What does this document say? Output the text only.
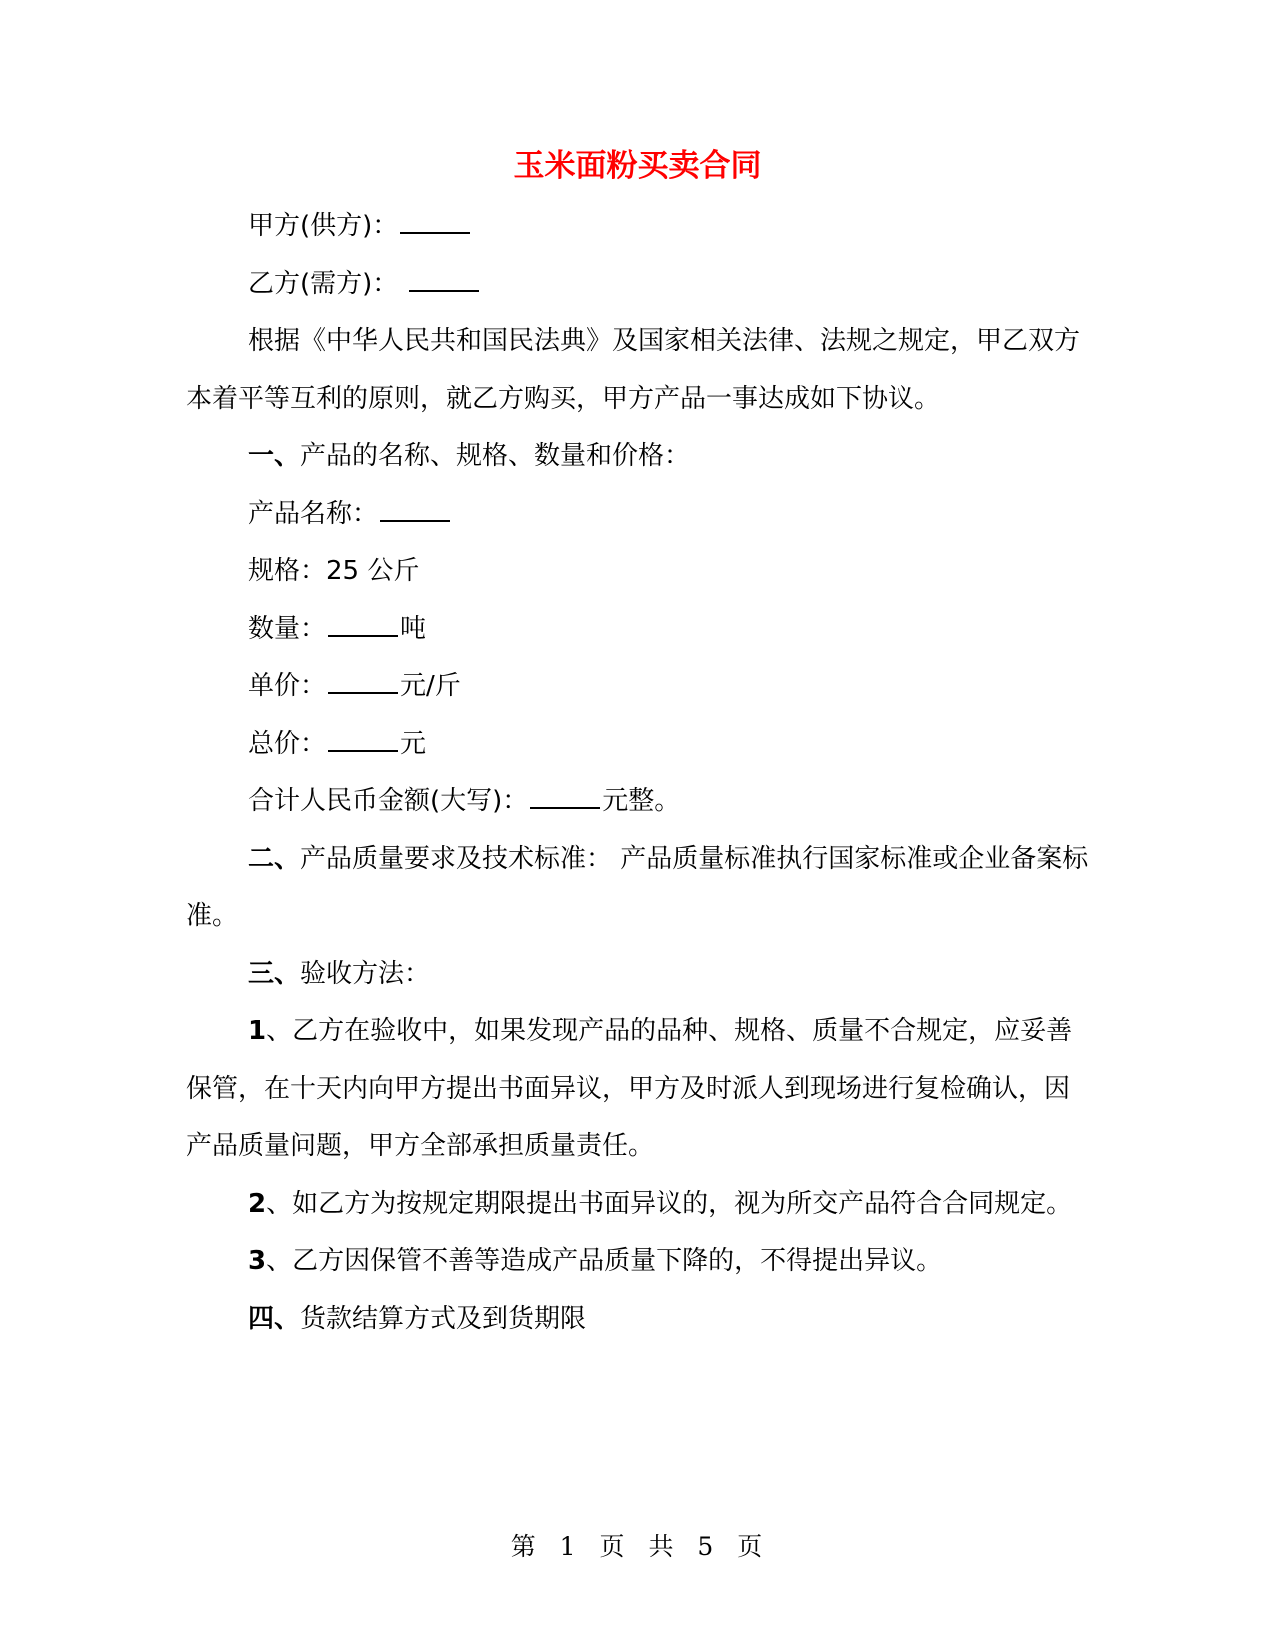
玉米面粉买卖合同

甲方(供方)：

乙方(需方)：

根据《中华人民共和国民法典》及国家相关法律、法规之规定，甲乙双方本着平等互利的原则，就乙方购买，甲方产品一事达成如下协议。

一、产品的名称、规格、数量和价格：

产品名称：

规格：25 公斤

数量：	吨

单价：	元/斤

总价：	元

合计人民币金额(大写)：	元整。

二、产品质量要求及技术标准： 产品质量标准执行国家标准或企业备案标准。

三、验收方法：

1、乙方在验收中，如果发现产品的品种、规格、质量不合规定，应妥善保管，在十天内向甲方提出书面异议，甲方及时派人到现场进行复检确认，因产品质量问题，甲方全部承担质量责任。

2、如乙方为按规定期限提出书面异议的，视为所交产品符合合同规定。

3、乙方因保管不善等造成产品质量下降的，不得提出异议。

四、货款结算方式及到货期限

第 1 页 共 5 页
